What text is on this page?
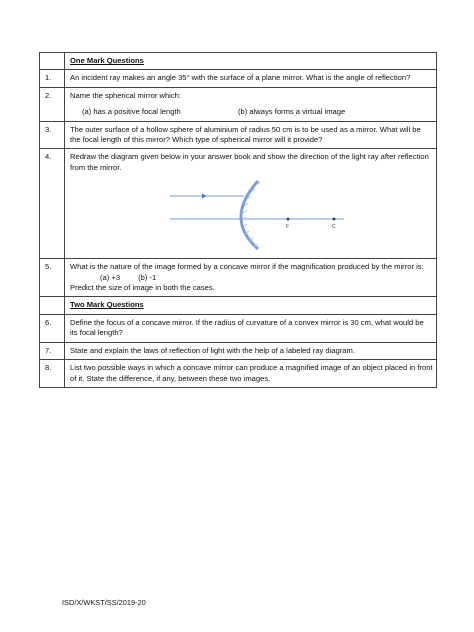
	One Mark Questions
1.	An incident ray makes an angle 35° with the surface of a plane mirror. What is the angle of reflection?
2.	Name the spherical mirror which:
(a) has a positive focal length (b) always forms a virtual image

3.	The outer surface of a hollow sphere of aluminium of radius 50 cm is to be used as a mirror. What will be the focal length of this mirror? Which type of spherical mirror will it provide?
4.	Redraw the diagram given below in your answer book and show the direction of the light ray after reflection from the mirror.
F C

5.	What is the nature of the image formed by a concave mirror if the magnification produced by the mirror is:
(a) +3 (b) -1
Predict the size of image in both the cases.

	Two Mark Questions
6.	Define the focus of a concave mirror. If the radius of curvature of a convex mirror is 30 cm, what would be its focal length?
7.	State and explain the laws of reflection of light with the help of a labeled ray diagram.
8.	List two possible ways in which a concave mirror can produce a magnified image of an object placed in front of it. State the difference, if any, between these two images.
ISD/X/WKST/SS/2019-20
